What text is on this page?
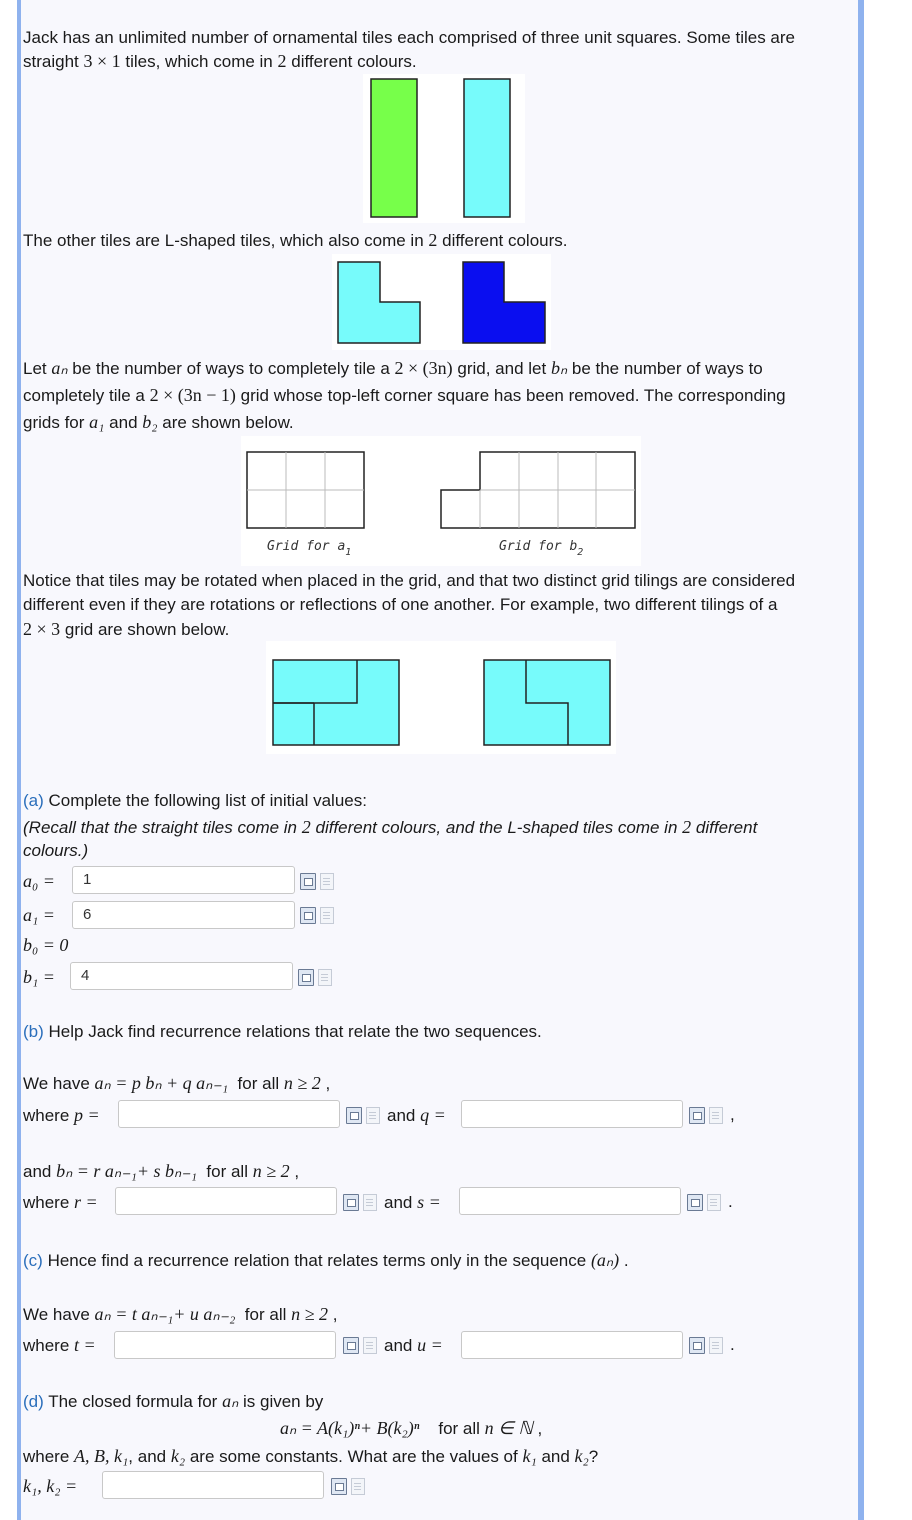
Jack has an unlimited number of ornamental tiles each comprised of three unit squares. Some tiles are
straight 3 × 1 tiles, which come in 2 different colours.
The other tiles are L-shaped tiles, which also come in 2 different colours.
Let aₙ be the number of ways to completely tile a 2 × (3n) grid, and let bₙ be the number of ways to
completely tile a 2 × (3n − 1) grid whose top-left corner square has been removed. The corresponding
grids for a₁ and b₂ are shown below.
Grid for $a_1$	Grid for $b_2$
Notice that tiles may be rotated when placed in the grid, and that two distinct grid tilings are considered
different even if they are rotations or reflections of one another. For example, two different tilings of a
2 × 3 grid are shown below.
(a) Complete the following list of initial values:
(Recall that the straight tiles come in 2 different colours, and the L-shaped tiles come in 2 different
colours.)
a₀ =	1
a₁ =	6
b₀ = 0
b₁ =	4
(b) Help Jack find recurrence relations that relate the two sequences.
We have aₙ = p bₙ + q aₙ₋₁ for all n ≥ 2 ,
where p =	and q =	,
and bₙ = r aₙ₋₁+ s bₙ₋₁ for all n ≥ 2 ,
where r =	and s =	.
(c) Hence find a recurrence relation that relates terms only in the sequence (aₙ) .
We have aₙ = t aₙ₋₁+ u aₙ₋₂ for all n ≥ 2 ,
where t =	and u =	.
(d) The closed formula for aₙ is given by
aₙ = A(k₁)ⁿ+ B(k₂)ⁿ for all n ∈ ℕ ,
where A, B, k₁, and k₂ are some constants. What are the values of k₁ and k₂?
k₁, k₂ =
